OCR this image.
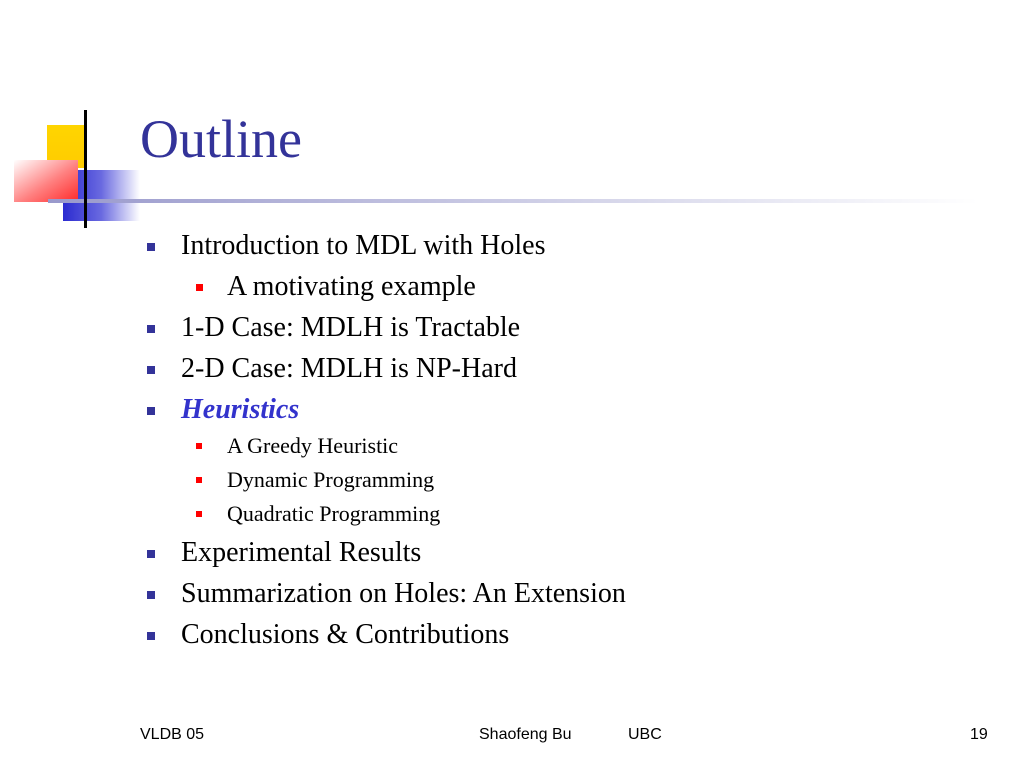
Outline
Introduction to MDL with Holes
A motivating example
1-D Case: MDLH is Tractable
2-D Case: MDLH is NP-Hard
Heuristics
A Greedy Heuristic
Dynamic Programming
Quadratic Programming
Experimental Results
Summarization on Holes: An Extension
Conclusions & Contributions
VLDB 05	Shaofeng Bu	UBC	19
